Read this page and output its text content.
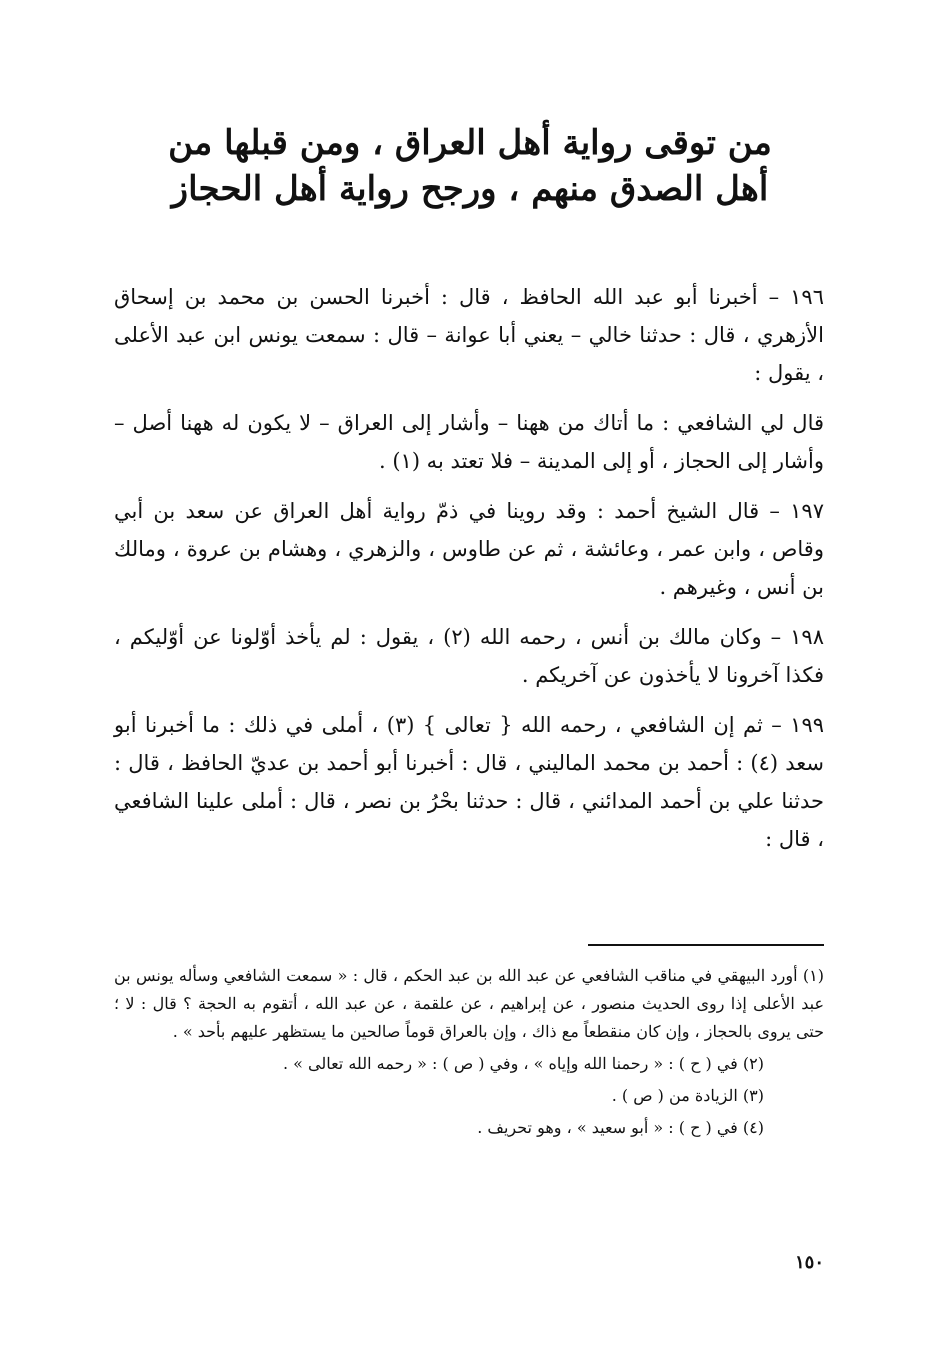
من توقى رواية أهل العراق ، ومن قبلها من أهل الصدق منهم ، ورجح رواية أهل الحجاز

١٩٦ – أخبرنا أبو عبد الله الحافظ ، قال : أخبرنا الحسن بن محمد بن إسحاق الأزهري ، قال : حدثنا خالي – يعني أبا عوانة – قال : سمعت يونس ابن عبد الأعلى ، يقول :

قال لي الشافعي : ما أتاك من ههنا – وأشار إلى العراق – لا يكون له ههنا أصل – وأشار إلى الحجاز ، أو إلى المدينة – فلا تعتد به (١) .

١٩٧ – قال الشيخ أحمد : وقد روينا في ذمّ رواية أهل العراق عن سعد بن أبي وقاص ، وابن عمر ، وعائشة ، ثم عن طاوس ، والزهري ، وهشام بن عروة ، ومالك بن أنس ، وغيرهم .

١٩٨ – وكان مالك بن أنس ، رحمه الله (٢) ، يقول : لم يأخذ أوّلونا عن أوّليكم ، فكذا آخرونا لا يأخذون عن آخريكم .

١٩٩ – ثم إن الشافعي ، رحمه الله { تعالى } (٣) ، أملى في ذلك : ما أخبرنا أبو سعد (٤) : أحمد بن محمد الماليني ، قال : أخبرنا أبو أحمد بن عديّ الحافظ ، قال : حدثنا علي بن أحمد المدائني ، قال : حدثنا بحْرُ بن نصر ، قال : أملى علينا الشافعي ، قال :

(١) أورد البيهقي في مناقب الشافعي عن عبد الله بن عبد الحكم ، قال : « سمعت الشافعي وسأله يونس بن عبد الأعلى إذا روى الحديث منصور ، عن إبراهيم ، عن علقمة ، عن عبد الله ، أتقوم به الحجة ؟ قال : لا ؛ حتى يروى بالحجاز ، وإن كان منقطعاً مع ذاك ، وإن بالعراق قوماً صالحين ما يستظهر عليهم بأحد » .

(٢) في ( ح ) : « رحمنا الله وإياه » ، وفي ( ص ) : « رحمه الله تعالى » .

(٣) الزيادة من ( ص ) .

(٤) في ( ح ) : « أبو سعيد » ، وهو تحريف .

١٥٠
